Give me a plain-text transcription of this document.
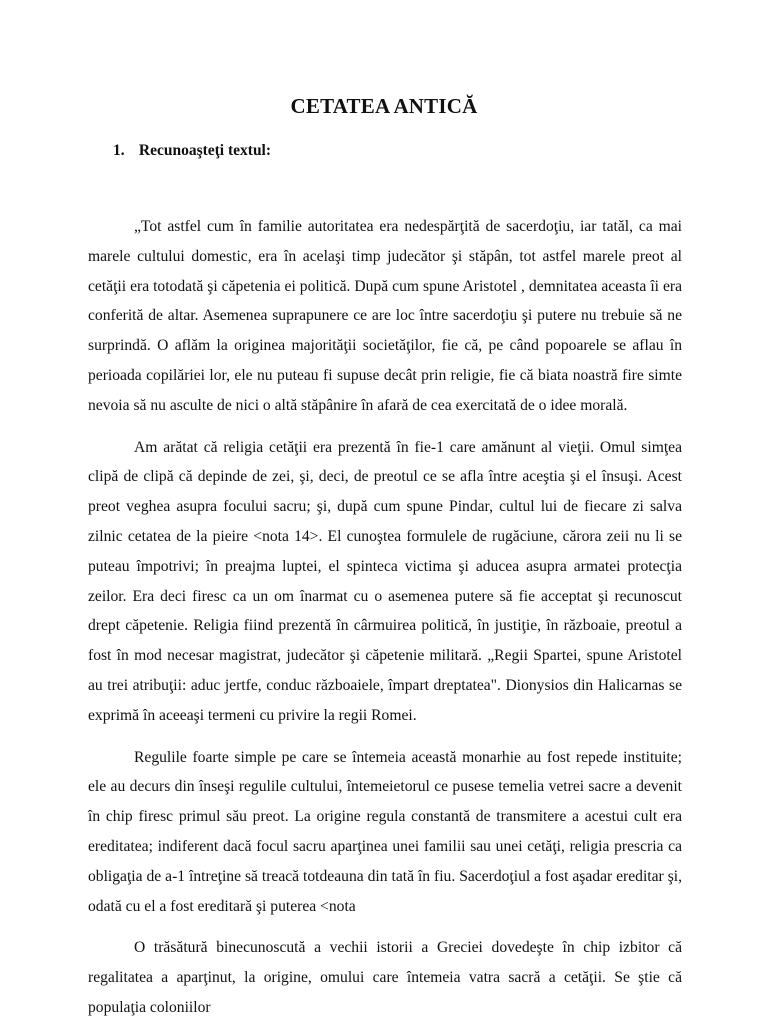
CETATEA ANTICĂ

1. Recunoaşteţi textul:

„Tot astfel cum în familie autoritatea era nedespărţită de sacerdoţiu, iar tatăl, ca mai marele cultului domestic, era în acelaşi timp judecător şi stăpân, tot astfel marele preot al cetăţii era totodată şi căpetenia ei politică. După cum spune Aristotel , demnitatea aceasta îi era conferită de altar. Asemenea suprapunere ce are loc între sacerdoţiu şi putere nu trebuie să ne surprindă. O aflăm la originea majorităţii societăţilor, fie că, pe când popoarele se aflau în perioada copilăriei lor, ele nu puteau fi supuse decât prin religie, fie că biata noastră fire simte nevoia să nu asculte de nici o altă stăpânire în afară de cea exercitată de o idee morală.

Am arătat că religia cetăţii era prezentă în fie-1 care amănunt al vieţii. Omul simţea clipă de clipă că depinde de zei, şi, deci, de preotul ce se afla între aceştia şi el însuşi. Acest preot veghea asupra focului sacru; şi, după cum spune Pindar, cultul lui de fiecare zi salva zilnic cetatea de la pieire <nota 14>. El cunoştea formulele de rugăciune, cărora zeii nu li se puteau împotrivi; în preajma luptei, el spinteca victima şi aducea asupra armatei protecţia zeilor. Era deci firesc ca un om înarmat cu o asemenea putere să fie acceptat şi recunoscut drept căpetenie. Religia fiind prezentă în cârmuirea politică, în justiţie, în războaie, preotul a fost în mod necesar magistrat, judecător şi căpetenie militară. „Regii Spartei, spune Aristotel au trei atribuţii: aduc jertfe, conduc războaiele, împart dreptatea". Dionysios din Halicarnas se exprimă în aceeaşi termeni cu privire la regii Romei.

Regulile foarte simple pe care se întemeia această monarhie au fost repede instituite; ele au decurs din înseşi regulile cultului, întemeietorul ce pusese temelia vetrei sacre a devenit în chip firesc primul său preot. La origine regula constantă de transmitere a acestui cult era ereditatea; indiferent dacă focul sacru aparţinea unei familii sau unei cetăţi, religia prescria ca obligaţia de a-1 întreţine să treacă totdeauna din tată în fiu. Sacerdoţiul a fost aşadar ereditar şi, odată cu el a fost ereditară şi puterea <nota

O trăsătură binecunoscută a vechii istorii a Greciei dovedeşte în chip izbitor că regalitatea a aparţinut, la origine, omului care întemeia vatra sacră a cetăţii. Se ştie că populaţia coloniilor
